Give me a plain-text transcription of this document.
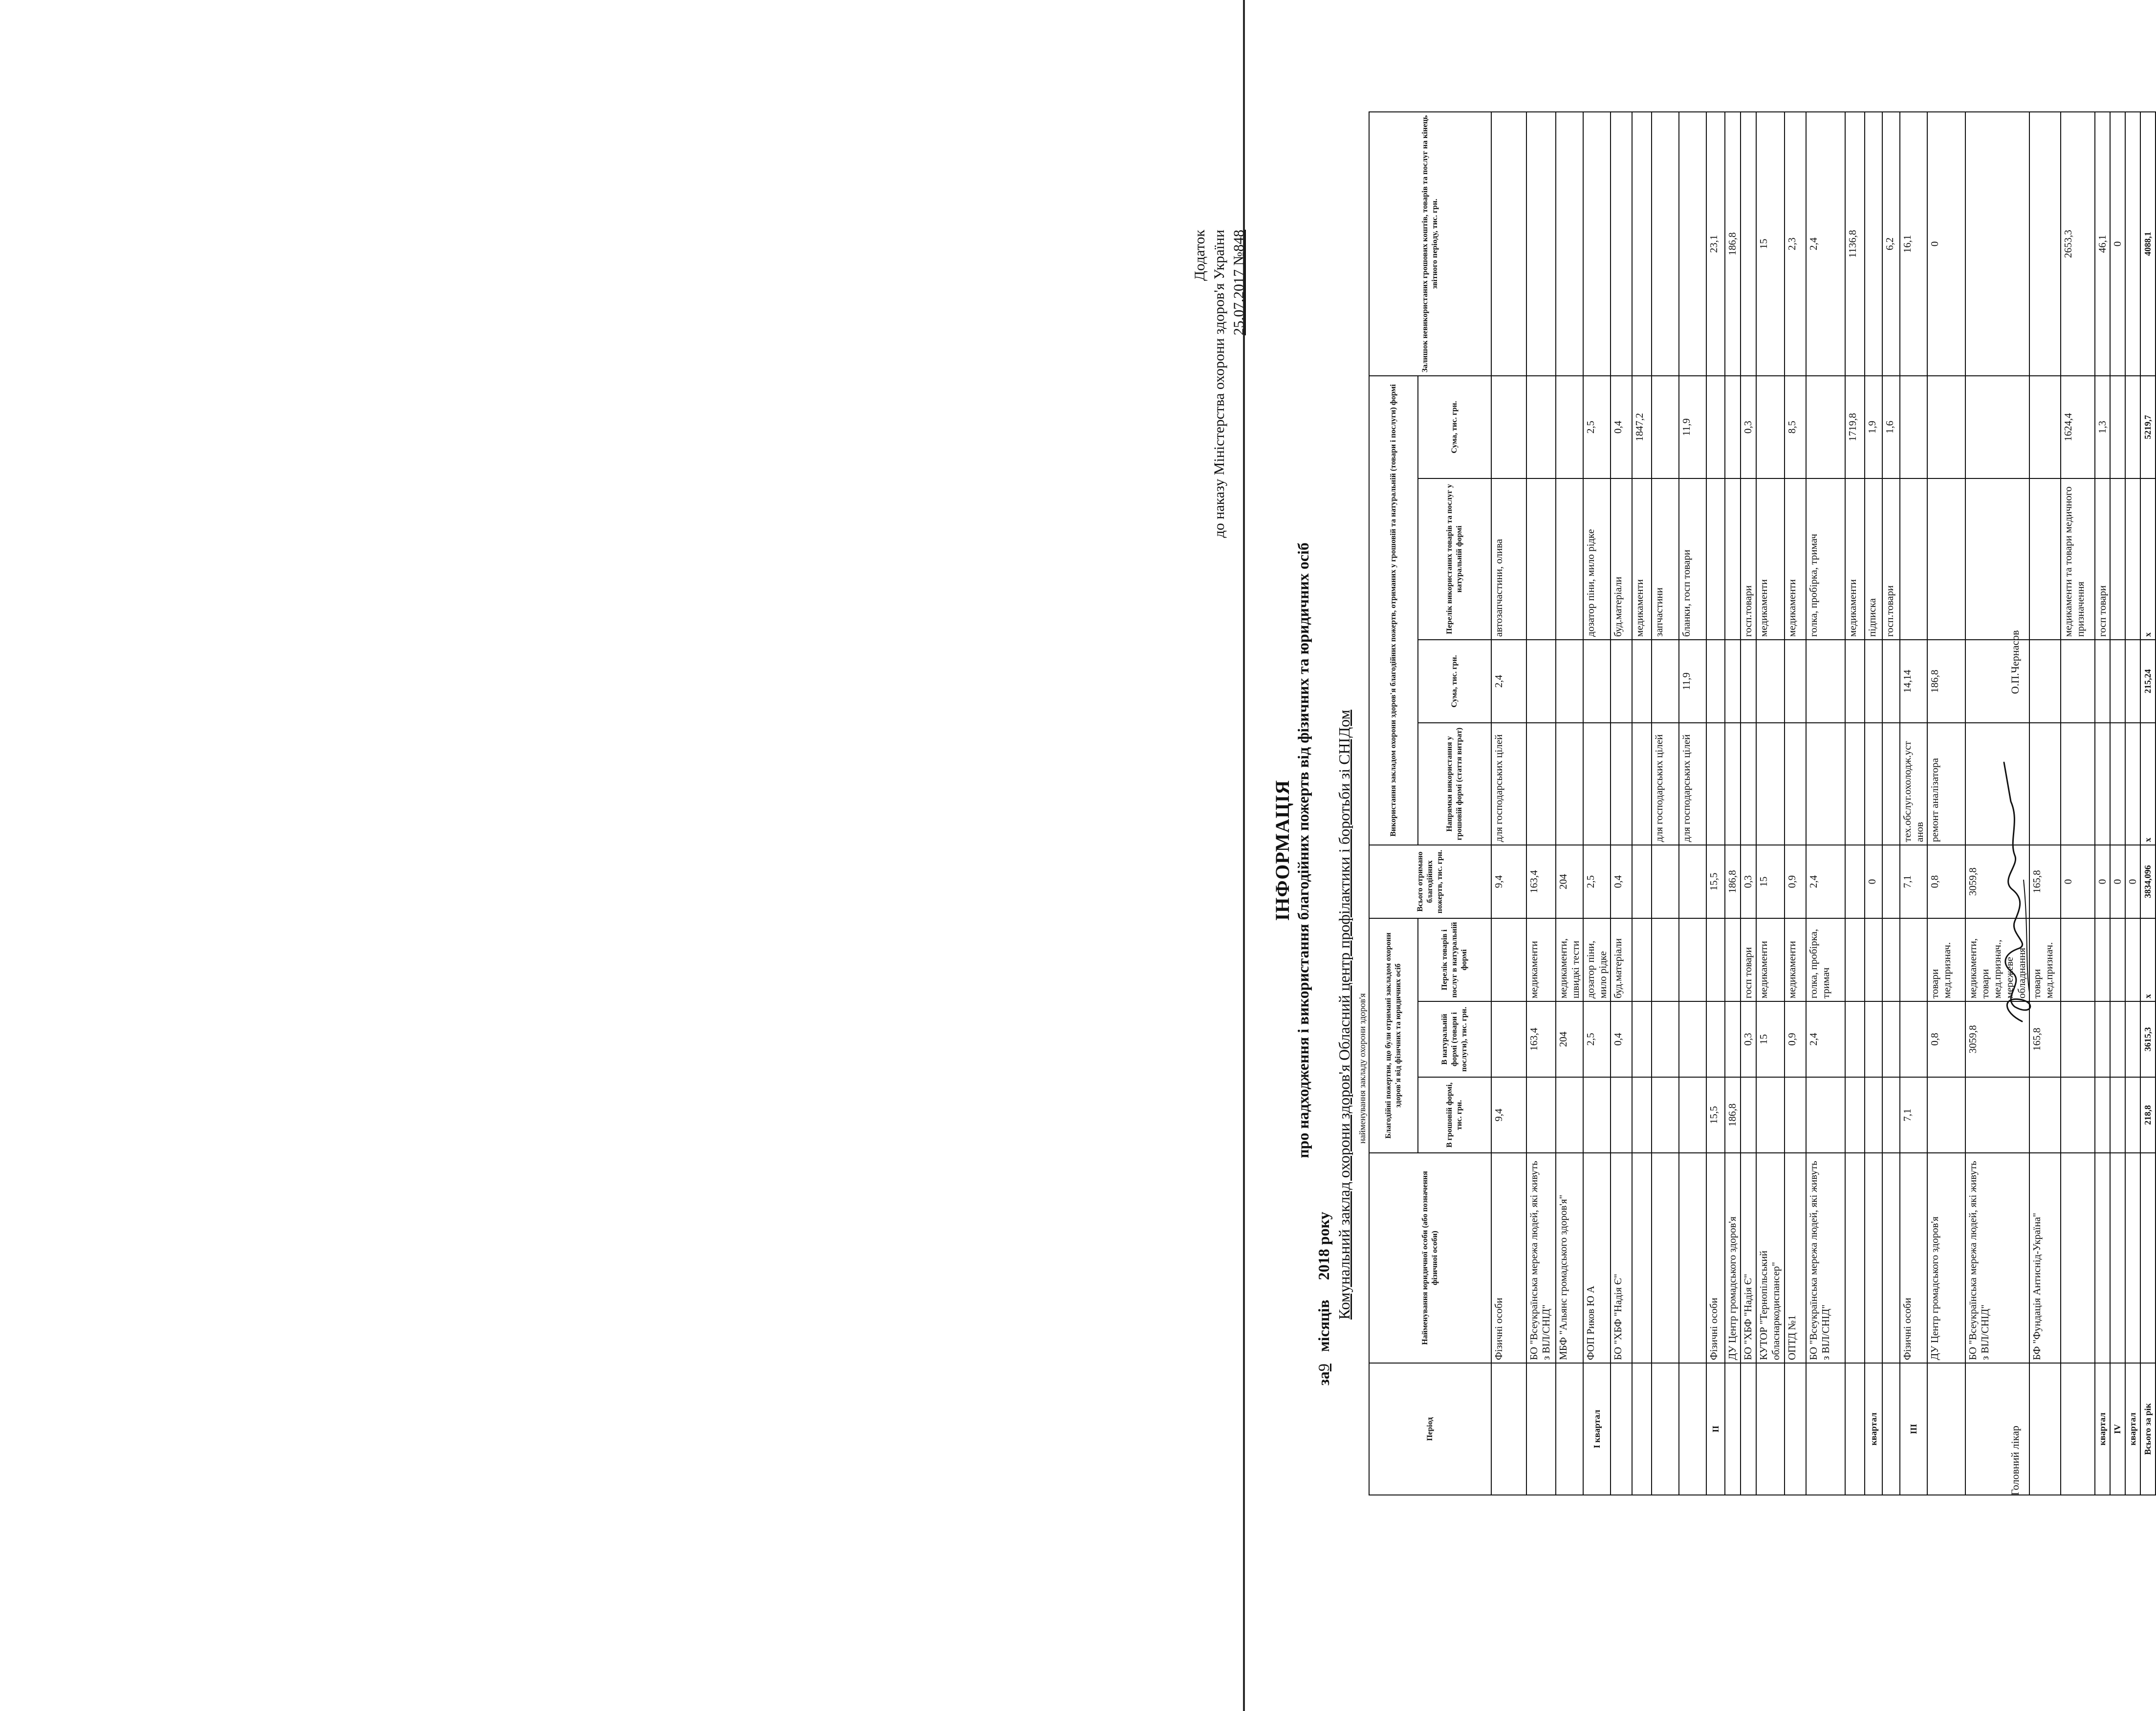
Додаток до наказу Міністерства охорони здоров'я України 25.07.2017 №848
ІНФОРМАЦІЯ про надходження і використання благодійних пожертв від фізичних та юридичних осіб
за9   місяців     2018 року Комунальний заклад охорони здоров'я Обласний центр профілактики і боротьби зі СНІДом найменування закладу охорони здоров'я
Період	Найменування юридичної особи (або позначення фізичної особи)	Благодійні пожертви, що були отримані закладом охорони здоров'я від фізичних та юридичних осіб			Всього отримано благодійних пожертв, тис. грн.	Використання закладом охорони здоров'я благодійних пожертв, отриманих у грошовій та натуральній (товари і послуги) формі				Залишок невикористаних грошових коштів, товарів та послуг на кінець звітного періоду, тис. грн.
		В грошовій формі, тис. грн.	В натуральній формі (товари і послуги), тис. грн.	Перелік товарів і послуг в натуральній формі		Напрямки використання у грошовій формі (стаття витрат)	Сума, тис. грн.	Перелік використаних товарів та послуг у натуральній формі	Сума, тис. грн.	
	Фізичні особи	9,4			9,4	для господарських цілей	2,4	автозапчастини, олива		
	БО "Всеукраїнська мережа людей, які живуть з ВІЛ/СНІД"		163,4	медикаменти	163,4					
	МБФ "Альянс громадського здоров'я"		204	медикаменти, швидкі тести	204					
І квартал	ФОП Риков Ю А		2,5	дозатор піни, мило рідке	2,5			дозатор піни, мило рідке	2,5	
	БО "ХБФ "Надія Є"		0,4	буд.матеріали	0,4			буд.матеріали	0,4	
								медикаменти	1847,2	
						для господарських цілей		запчастини		
						для господарських цілей	11,9	бланки, госп товари	11,9	
ІІ	Фізичні особи	15,5			15,5					23,1
	ДУ Центр громадського здоров'я	186,8			186,8					186,8
	БО "ХБФ "Надія Є"		0,3	госп товари	0,3			госп.товари	0,3	
	КУТОР "Тернопільський обласнаркодиспансер"		15	медикаменти	15			медикаменти		15
	ОПТД №1		0,9	медикаменти	0,9			медикаменти	8,5	2,3
	БО "Всеукраїнська мережа людей, які живуть з ВІЛ/СНІД"		2,4	голка, пробірка, тримач	2,4			голка, пробірка, тримач		2,4
								медикаменти	1719,8	1136,8
квартал					0			підписка	1,9	
								госп.товари	1,6	6,2
ІІІ	Фізичні особи	7,1			7,1	тех.обслуг.охолодж.уст анов	14,14			16,1
	ДУ Центр громадського здоров'я		0,8	товари мед.признач.	0,8	ремонт аналізатора	186,8			0
	БО "Всеукраїнська мережа людей, які живуть з ВІЛ/СНІД"		3059,8	медикаменти, товари мед.признач., мережеве обладнання	3059,8					
	БФ "Фундація Антиснід-Україна"		165,8	товари мед.признач.	165,8					
					0			медикаменти та товари медичного призначення	1624,4	2653,3
квартал					0			госп товари	1,3	46,1
IV					0					0
квартал					0					
Всього за рік		218,8	3615,3	x	3834,096	x	215,24	x	5219,7	4088,1
Головний лікар
О.П.Чернасов
